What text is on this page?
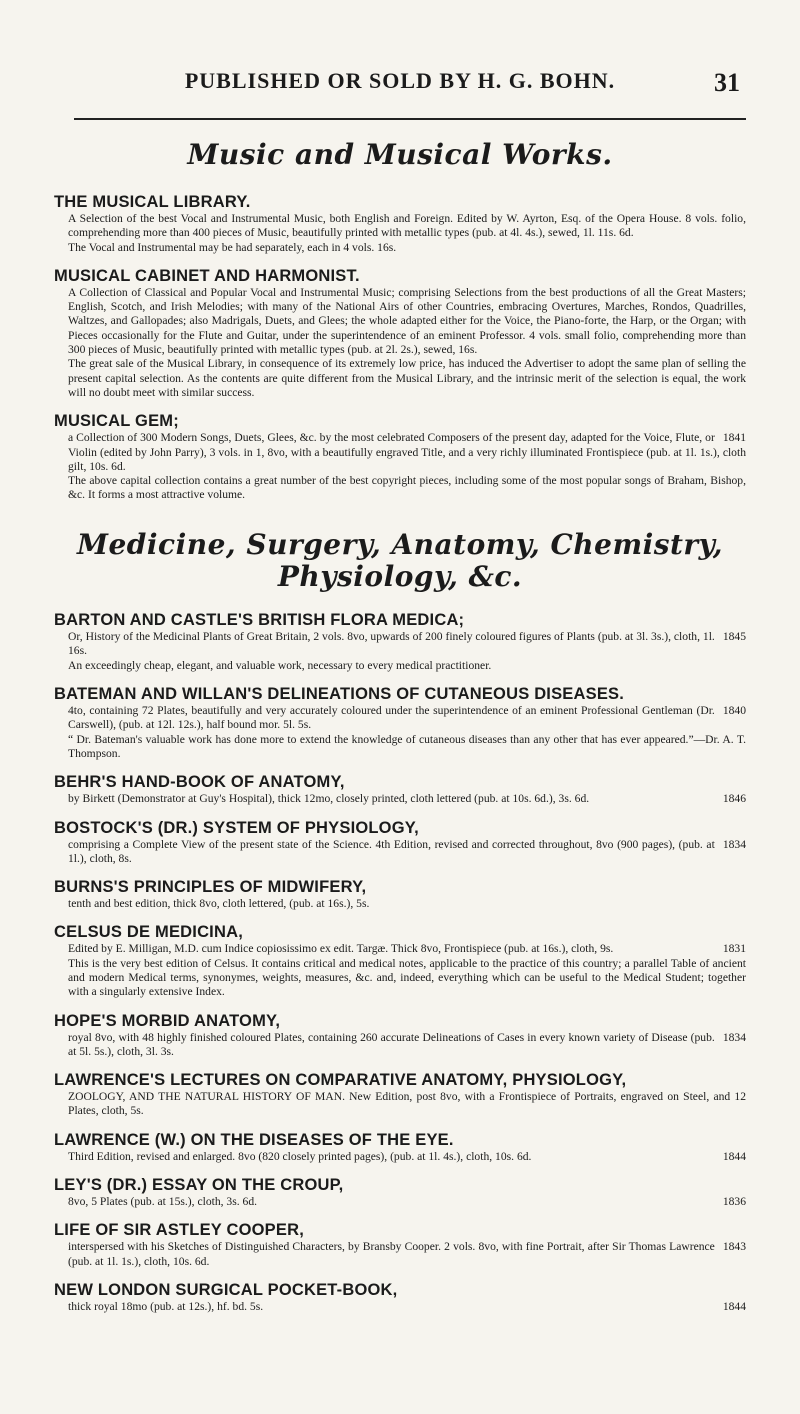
PUBLISHED OR SOLD BY H. G. BOHN.	31
Music and Musical Works.
THE MUSICAL LIBRARY.
A Selection of the best Vocal and Instrumental Music, both English and Foreign. Edited by W. Ayrton, Esq. of the Opera House. 8 vols. folio, comprehending more than 400 pieces of Music, beautifully printed with metallic types (pub. at 4l. 4s.), sewed, 1l. 11s. 6d.
The Vocal and Instrumental may be had separately, each in 4 vols. 16s.
MUSICAL CABINET AND HARMONIST.
A Collection of Classical and Popular Vocal and Instrumental Music; comprising Selections from the best productions of all the Great Masters; English, Scotch, and Irish Melodies; with many of the National Airs of other Countries, embracing Overtures, Marches, Rondos, Quadrilles, Waltzes, and Gallopades; also Madrigals, Duets, and Glees; the whole adapted either for the Voice, the Piano-forte, the Harp, or the Organ; with Pieces occasionally for the Flute and Guitar, under the superintendence of an eminent Professor. 4 vols. small folio, comprehending more than 300 pieces of Music, beautifully printed with metallic types (pub. at 2l. 2s.), sewed, 16s.
The great sale of the Musical Library, in consequence of its extremely low price, has induced the Advertiser to adopt the same plan of selling the present capital selection. As the contents are quite different from the Musical Library, and the intrinsic merit of the selection is equal, the work will no doubt meet with similar success.
MUSICAL GEM;
1841
a Collection of 300 Modern Songs, Duets, Glees, &c. by the most celebrated Composers of the present day, adapted for the Voice, Flute, or Violin (edited by John Parry), 3 vols. in 1, 8vo, with a beautifully engraved Title, and a very richly illuminated Frontispiece (pub. at 1l. 1s.), cloth gilt, 10s. 6d.
The above capital collection contains a great number of the best copyright pieces, including some of the most popular songs of Braham, Bishop, &c. It forms a most attractive volume.
Medicine, Surgery, Anatomy, Chemistry, Physiology, &c.
BARTON AND CASTLE'S BRITISH FLORA MEDICA;
1845
Or, History of the Medicinal Plants of Great Britain, 2 vols. 8vo, upwards of 200 finely coloured figures of Plants (pub. at 3l. 3s.), cloth, 1l. 16s.
An exceedingly cheap, elegant, and valuable work, necessary to every medical practitioner.
BATEMAN AND WILLAN'S DELINEATIONS OF CUTANEOUS DISEASES.
1840
4to, containing 72 Plates, beautifully and very accurately coloured under the superintendence of an eminent Professional Gentleman (Dr. Carswell), (pub. at 12l. 12s.), half bound mor. 5l. 5s.
“ Dr. Bateman's valuable work has done more to extend the knowledge of cutaneous diseases than any other that has ever appeared.”—Dr. A. T. Thompson.
BEHR'S HAND-BOOK OF ANATOMY,
1846
by Birkett (Demonstrator at Guy's Hospital), thick 12mo, closely printed, cloth lettered (pub. at 10s. 6d.), 3s. 6d.
BOSTOCK'S (DR.) SYSTEM OF PHYSIOLOGY,
1834
comprising a Complete View of the present state of the Science. 4th Edition, revised and corrected throughout, 8vo (900 pages), (pub. at 1l.), cloth, 8s.
BURNS'S PRINCIPLES OF MIDWIFERY,
tenth and best edition, thick 8vo, cloth lettered, (pub. at 16s.), 5s.
CELSUS DE MEDICINA,
1831
Edited by E. Milligan, M.D. cum Indice copiosissimo ex edit. Targæ. Thick 8vo, Frontispiece (pub. at 16s.), cloth, 9s.
This is the very best edition of Celsus. It contains critical and medical notes, applicable to the practice of this country; a parallel Table of ancient and modern Medical terms, synonymes, weights, measures, &c. and, indeed, everything which can be useful to the Medical Student; together with a singularly extensive Index.
HOPE'S MORBID ANATOMY,
1834
royal 8vo, with 48 highly finished coloured Plates, containing 260 accurate Delineations of Cases in every known variety of Disease (pub. at 5l. 5s.), cloth, 3l. 3s.
LAWRENCE'S LECTURES ON COMPARATIVE ANATOMY, PHYSIOLOGY,
ZOOLOGY, AND THE NATURAL HISTORY OF MAN. New Edition, post 8vo, with a Frontispiece of Portraits, engraved on Steel, and 12 Plates, cloth, 5s.
LAWRENCE (W.) ON THE DISEASES OF THE EYE.
1844
Third Edition, revised and enlarged. 8vo (820 closely printed pages), (pub. at 1l. 4s.), cloth, 10s. 6d.
LEY'S (DR.) ESSAY ON THE CROUP,
1836
8vo, 5 Plates (pub. at 15s.), cloth, 3s. 6d.
LIFE OF SIR ASTLEY COOPER,
1843
interspersed with his Sketches of Distinguished Characters, by Bransby Cooper. 2 vols. 8vo, with fine Portrait, after Sir Thomas Lawrence (pub. at 1l. 1s.), cloth, 10s. 6d.
NEW LONDON SURGICAL POCKET-BOOK,
1844
thick royal 18mo (pub. at 12s.), hf. bd. 5s.
